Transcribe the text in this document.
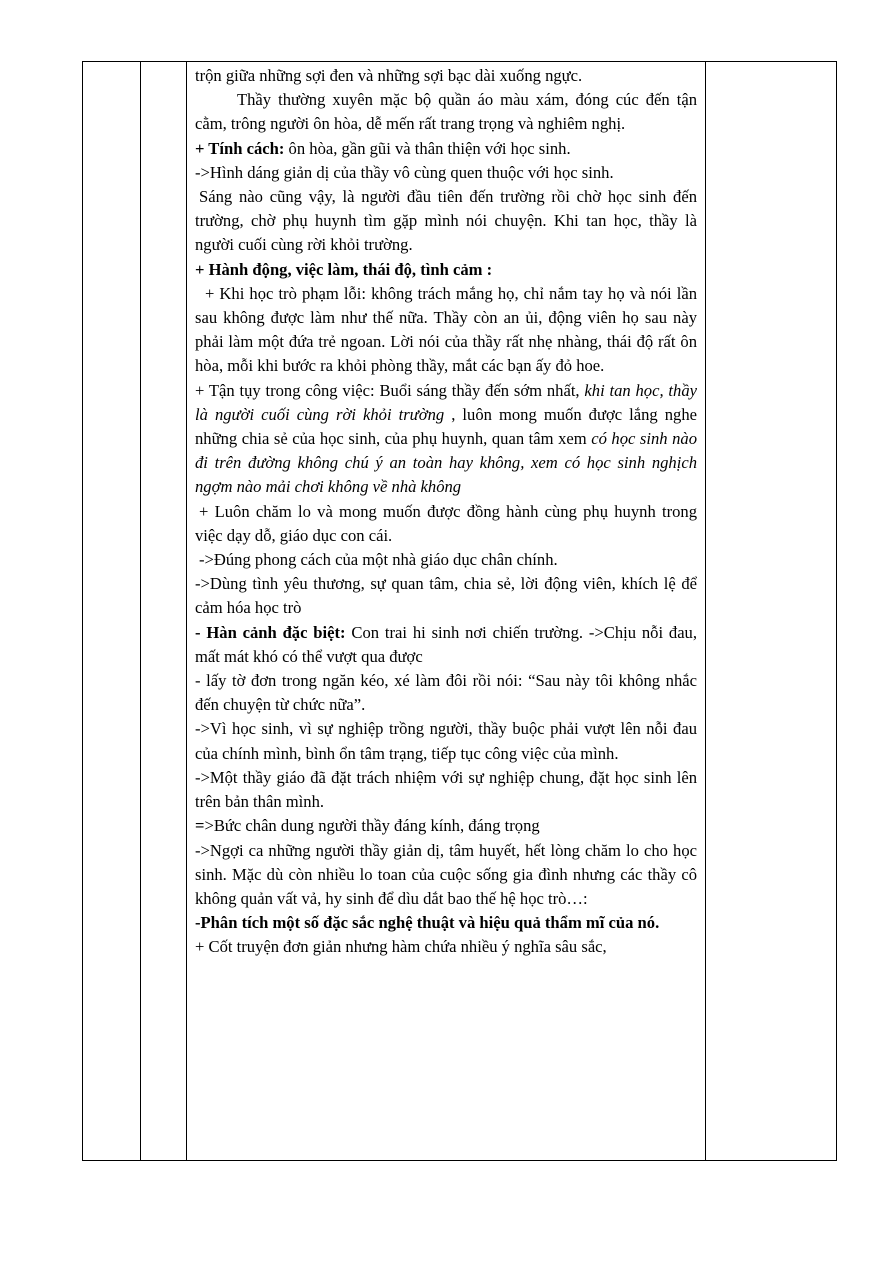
trộn giữa những sợi đen và những sợi bạc dài xuống ngực.

Thầy thường xuyên mặc bộ quần áo màu xám, đóng cúc đến tận cằm, trông người ôn hòa, dễ mến rất trang trọng và nghiêm nghị.

+ Tính cách: ôn hòa, gần gũi và thân thiện với học sinh.

->Hình dáng giản dị của thầy vô cùng quen thuộc với học sinh.

Sáng nào cũng vậy, là người đầu tiên đến trường rồi chờ học sinh đến trường, chờ phụ huynh tìm gặp mình nói chuyện. Khi tan học, thầy là người cuối cùng rời khỏi trường.

+ Hành động, việc làm, thái độ, tình cảm :

+ Khi học trò phạm lỗi: không trách mắng họ, chỉ nắm tay họ và nói lần sau không được làm như thế nữa. Thầy còn an ủi, động viên họ sau này phải làm một đứa trẻ ngoan. Lời nói của thầy rất nhẹ nhàng, thái độ rất ôn hòa, mỗi khi bước ra khỏi phòng thầy, mắt các bạn ấy đỏ hoe.

+ Tận tụy trong công việc: Buổi sáng thầy đến sớm nhất, khi tan học, thầy là người cuối cùng rời khỏi trường , luôn mong muốn được lắng nghe những chia sẻ của học sinh, của phụ huynh, quan tâm xem có học sinh nào đi trên đường không chú ý an toàn hay không, xem có học sinh nghịch ngợm nào mải chơi không về nhà không

+ Luôn chăm lo và mong muốn được đồng hành cùng phụ huynh trong việc dạy dỗ, giáo dục con cái.

->Đúng phong cách của một nhà giáo dục chân chính.

->Dùng tình yêu thương, sự quan tâm, chia sẻ, lời động viên, khích lệ để cảm hóa học trò

- Hàn cảnh đặc biệt: Con trai hi sinh nơi chiến trường. ->Chịu nỗi đau, mất mát khó có thể vượt qua được

- lấy tờ đơn trong ngăn kéo, xé làm đôi rồi nói: “Sau này tôi không nhắc đến chuyện từ chức nữa”.

->Vì học sinh, vì sự nghiệp trồng người, thầy buộc phải vượt lên nỗi đau của chính mình, bình ổn tâm trạng, tiếp tục công việc của mình.

->Một thầy giáo đã đặt trách nhiệm với sự nghiệp chung, đặt học sinh lên trên bản thân mình.

=>Bức chân dung người thầy đáng kính, đáng trọng

->Ngợi ca những người thầy giản dị, tâm huyết, hết lòng chăm lo cho học sinh. Mặc dù còn nhiều lo toan của cuộc sống gia đình nhưng các thầy cô không quản vất vả, hy sinh để dìu dắt bao thế hệ học trò…:

-Phân tích một số đặc sắc nghệ thuật và hiệu quả thẩm mĩ của nó.

+ Cốt truyện đơn giản nhưng hàm chứa nhiều ý nghĩa sâu sắc,
